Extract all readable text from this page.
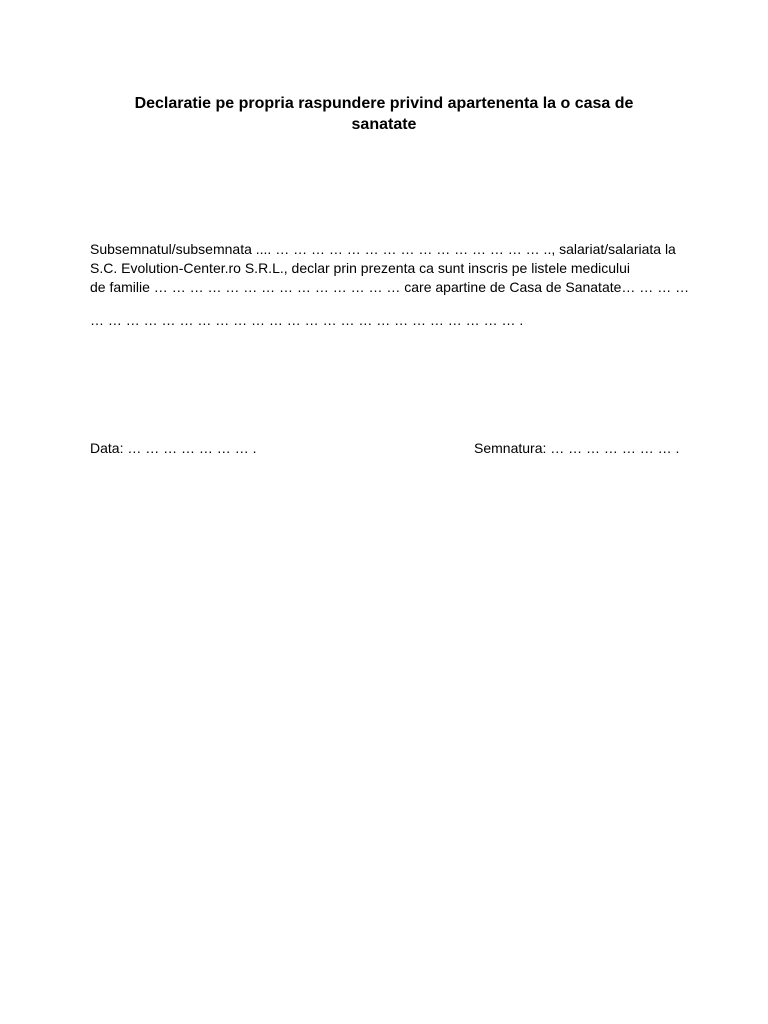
Declaratie pe propria raspundere privind apartenenta la o casa de
sanatate
Subsemnatul/subsemnata .... … … … … … … … … … … … … … … … .., salariat/salariata la
S.C. Evolution-Center.ro S.R.L., declar prin prezenta ca sunt inscris pe listele medicului
de familie … … … … … … … … … … … … … … care apartine de Casa de Sanatate… … … …
… … … … … … … … … … … … … … … … … … … … … … … … .
Data: … … … … … … … .	Semnatura: … … … … … … … .
